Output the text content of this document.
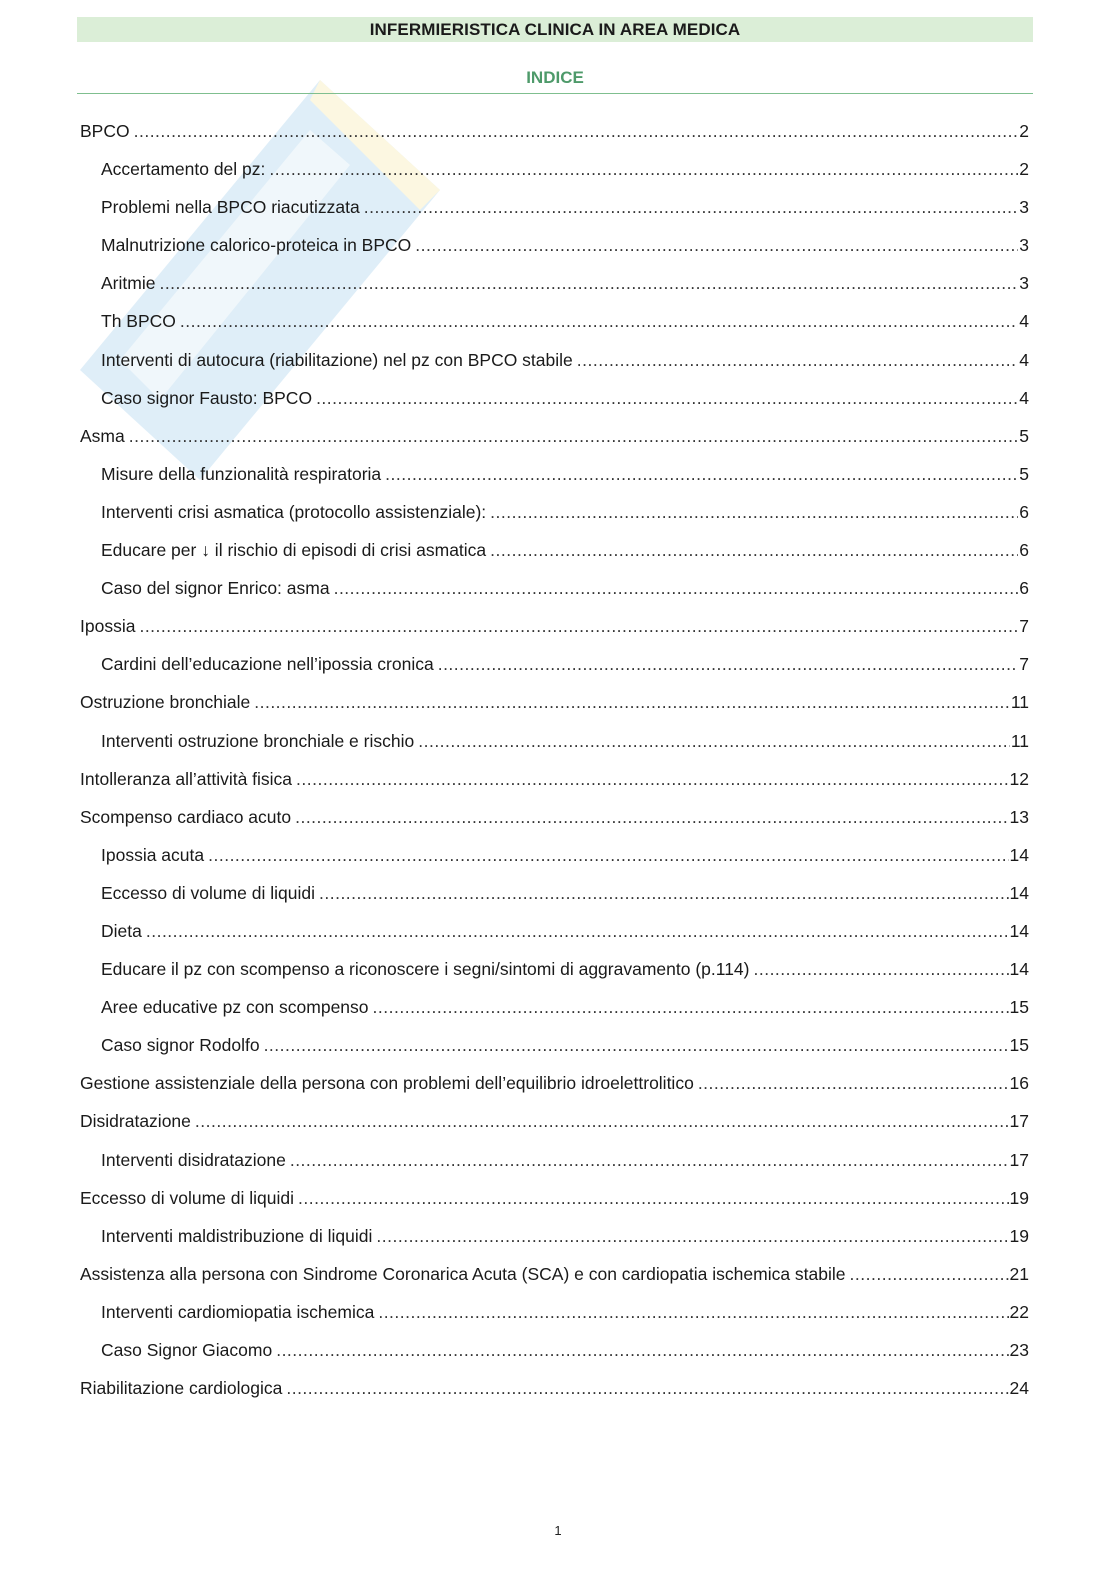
INFERMIERISTICA CLINICA IN AREA MEDICA
INDICE
BPCO .....	2
Accertamento del pz: .....	2
Problemi nella BPCO riacutizzata .....	3
Malnutrizione calorico-proteica in BPCO .....	3
Aritmie .....	3
Th BPCO .....	4
Interventi di autocura (riabilitazione) nel pz con BPCO stabile .....	4
Caso signor Fausto: BPCO .....	4
Asma .....	5
Misure della funzionalità respiratoria .....	5
Interventi crisi asmatica (protocollo assistenziale): .....	6
Educare per ↓ il rischio di episodi di crisi asmatica .....	6
Caso del signor Enrico: asma .....	6
Ipossia .....	7
Cardini dell’educazione nell’ipossia cronica .....	7
Ostruzione bronchiale .....	11
Interventi ostruzione bronchiale e rischio .....	11
Intolleranza all’attività fisica .....	12
Scompenso cardiaco acuto .....	13
Ipossia acuta .....	14
Eccesso di volume di liquidi .....	14
Dieta .....	14
Educare il pz con scompenso a riconoscere i segni/sintomi di aggravamento (p.114) .....	14
Aree educative pz con scompenso .....	15
Caso signor Rodolfo .....	15
Gestione assistenziale della persona con problemi dell’equilibrio idroelettrolitico .....	16
Disidratazione .....	17
Interventi disidratazione .....	17
Eccesso di volume di liquidi .....	19
Interventi maldistribuzione di liquidi .....	19
Assistenza alla persona con Sindrome Coronarica Acuta (SCA) e con cardiopatia ischemica stabile .....	21
Interventi cardiomiopatia ischemica .....	22
Caso Signor Giacomo .....	23
Riabilitazione cardiologica .....	24
1
